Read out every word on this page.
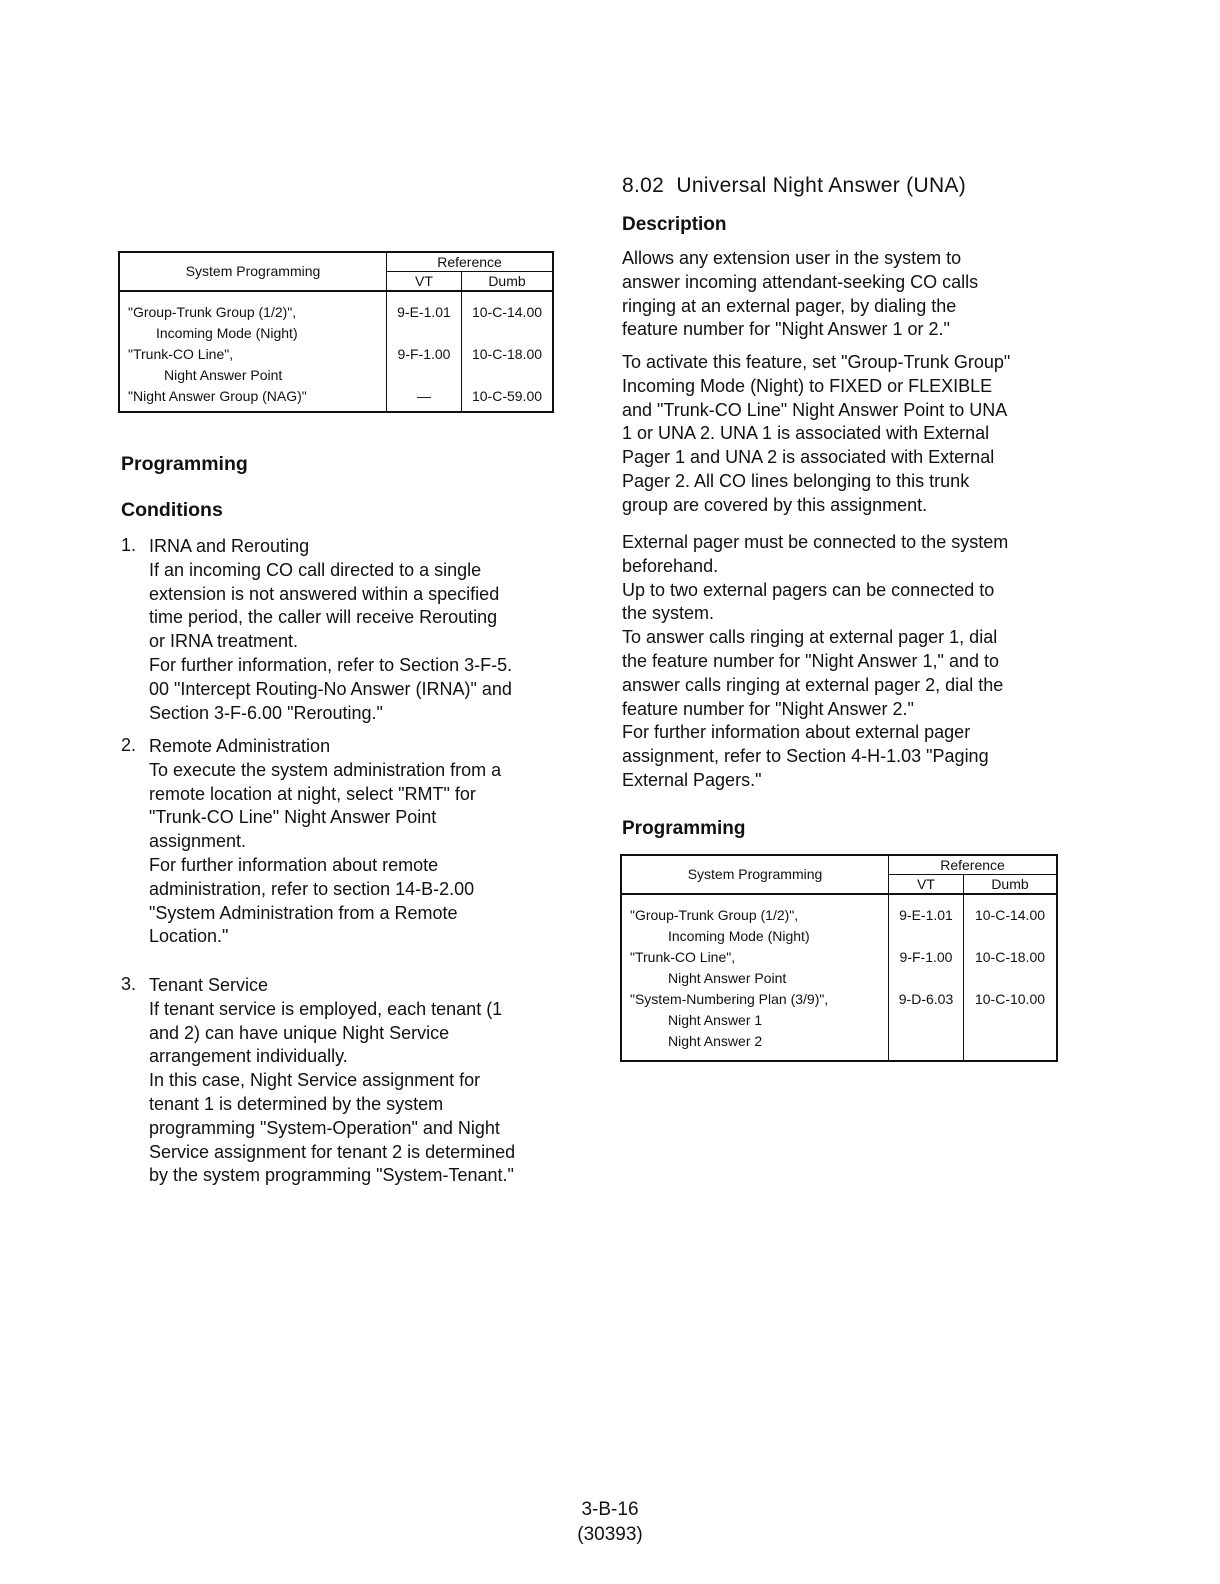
8.02 Universal Night Answer (UNA)
System Programming	Reference	
	VT	Dumb
"Group-Trunk Group (1/2)",
Incoming Mode (Night)	9-E-1.01	10-C-14.00
"Trunk-CO Line",
Night Answer Point	9-F-1.00	10-C-18.00
"Night Answer Group (NAG)"	—	10-C-59.00
Programming
Conditions
1. IRNA and Rerouting
If an incoming CO call directed to a single
extension is not answered within a specified
time period, the caller will receive Rerouting
or IRNA treatment.
For further information, refer to Section 3-F-5.
00 "Intercept Routing-No Answer (IRNA)" and
Section 3-F-6.00 "Rerouting."
2. Remote Administration
To execute the system administration from a
remote location at night, select "RMT" for
"Trunk-CO Line" Night Answer Point
assignment.
For further information about remote
administration, refer to section 14-B-2.00
"System Administration from a Remote
Location."
3. Tenant Service
If tenant service is employed, each tenant (1
and 2) can have unique Night Service
arrangement individually.
In this case, Night Service assignment for
tenant 1 is determined by the system
programming "System-Operation" and Night
Service assignment for tenant 2 is determined
by the system programming "System-Tenant."
Description
Allows any extension user in the system to
answer incoming attendant-seeking CO calls
ringing at an external pager, by dialing the
feature number for "Night Answer 1 or 2."
To activate this feature, set "Group-Trunk Group"
Incoming Mode (Night) to FIXED or FLEXIBLE
and "Trunk-CO Line" Night Answer Point to UNA
1 or UNA 2. UNA 1 is associated with External
Pager 1 and UNA 2 is associated with External
Pager 2. All CO lines belonging to this trunk
group are covered by this assignment.
External pager must be connected to the system
beforehand.
Up to two external pagers can be connected to
the system.
To answer calls ringing at external pager 1, dial
the feature number for "Night Answer 1," and to
answer calls ringing at external pager 2, dial the
feature number for "Night Answer 2."
For further information about external pager
assignment, refer to Section 4-H-1.03 "Paging
External Pagers."
Programming
System Programming	Reference	
	VT	Dumb
"Group-Trunk Group (1/2)",
Incoming Mode (Night)	9-E-1.01	10-C-14.00
"Trunk-CO Line",
Night Answer Point	9-F-1.00	10-C-18.00
"System-Numbering Plan (3/9)",
Night Answer 1
Night Answer 2	9-D-6.03	10-C-10.00
3-B-16
(30393)
